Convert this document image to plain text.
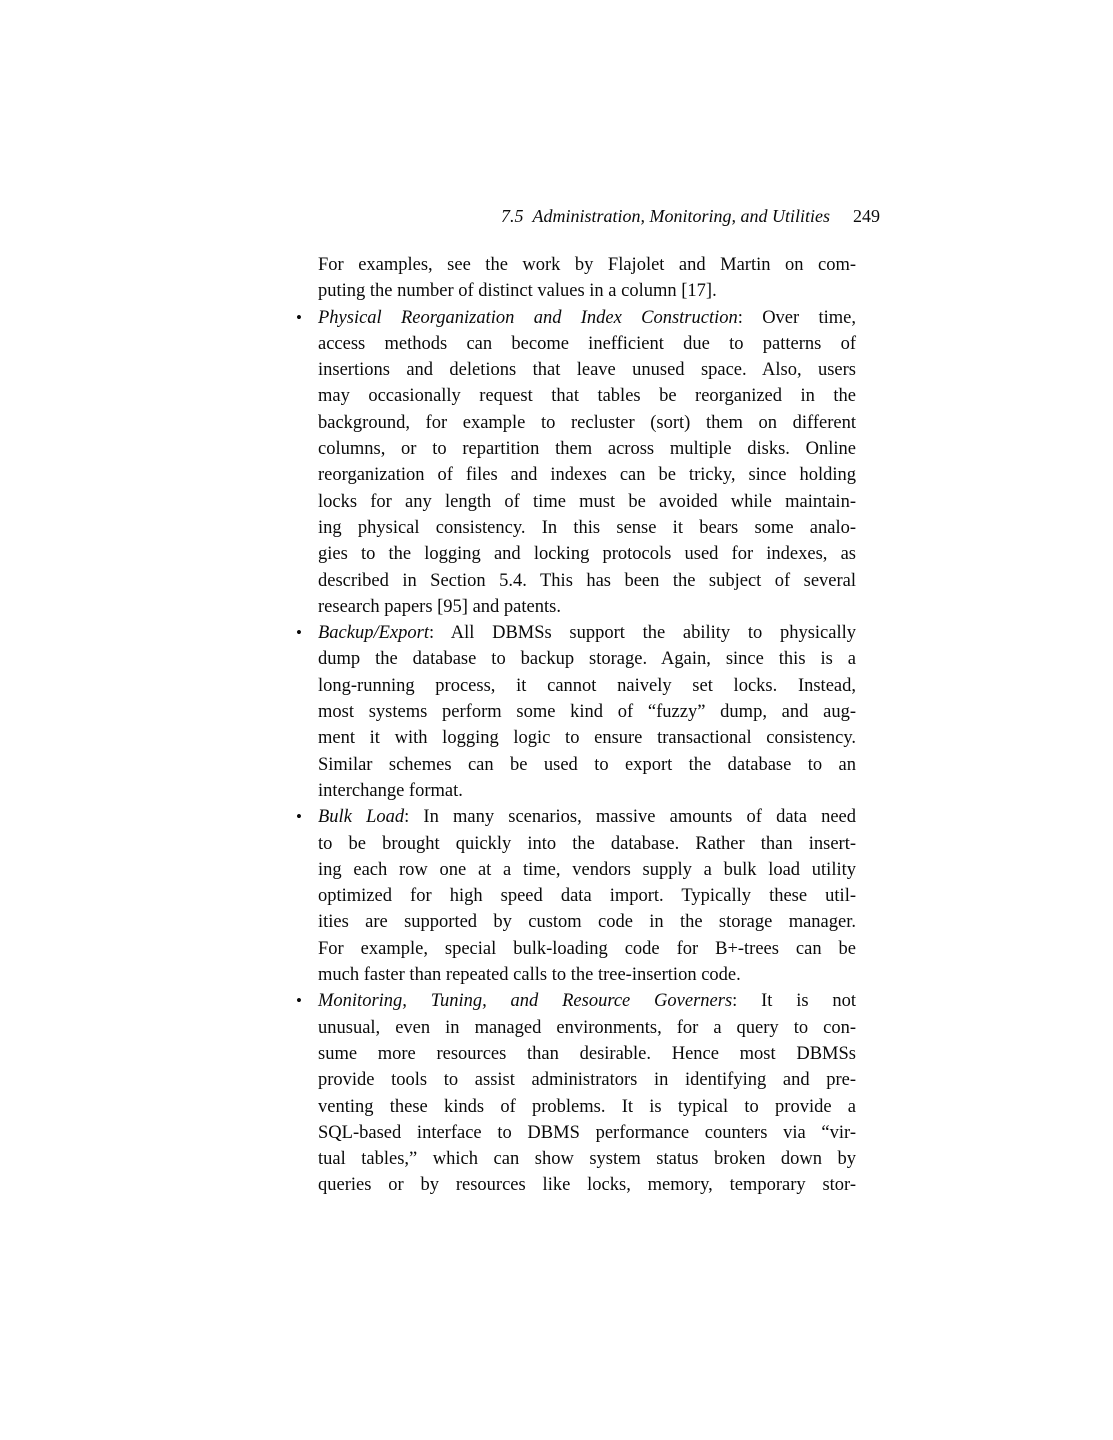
7.5 Administration, Monitoring, and Utilities 249
For examples, see the work by Flajolet and Martin on com-
puting the number of distinct values in a column [17].
• Physical Reorganization and Index Construction: Over time,
access methods can become inefficient due to patterns of
insertions and deletions that leave unused space. Also, users
may occasionally request that tables be reorganized in the
background, for example to recluster (sort) them on different
columns, or to repartition them across multiple disks. Online
reorganization of files and indexes can be tricky, since holding
locks for any length of time must be avoided while maintain-
ing physical consistency. In this sense it bears some analo-
gies to the logging and locking protocols used for indexes, as
described in Section 5.4. This has been the subject of several
research papers [95] and patents.
• Backup/Export: All DBMSs support the ability to physically
dump the database to backup storage. Again, since this is a
long-running process, it cannot naively set locks. Instead,
most systems perform some kind of “fuzzy” dump, and aug-
ment it with logging logic to ensure transactional consistency.
Similar schemes can be used to export the database to an
interchange format.
• Bulk Load: In many scenarios, massive amounts of data need
to be brought quickly into the database. Rather than insert-
ing each row one at a time, vendors supply a bulk load utility
optimized for high speed data import. Typically these util-
ities are supported by custom code in the storage manager.
For example, special bulk-loading code for B+-trees can be
much faster than repeated calls to the tree-insertion code.
• Monitoring, Tuning, and Resource Governers: It is not
unusual, even in managed environments, for a query to con-
sume more resources than desirable. Hence most DBMSs
provide tools to assist administrators in identifying and pre-
venting these kinds of problems. It is typical to provide a
SQL-based interface to DBMS performance counters via “vir-
tual tables,” which can show system status broken down by
queries or by resources like locks, memory, temporary stor-
